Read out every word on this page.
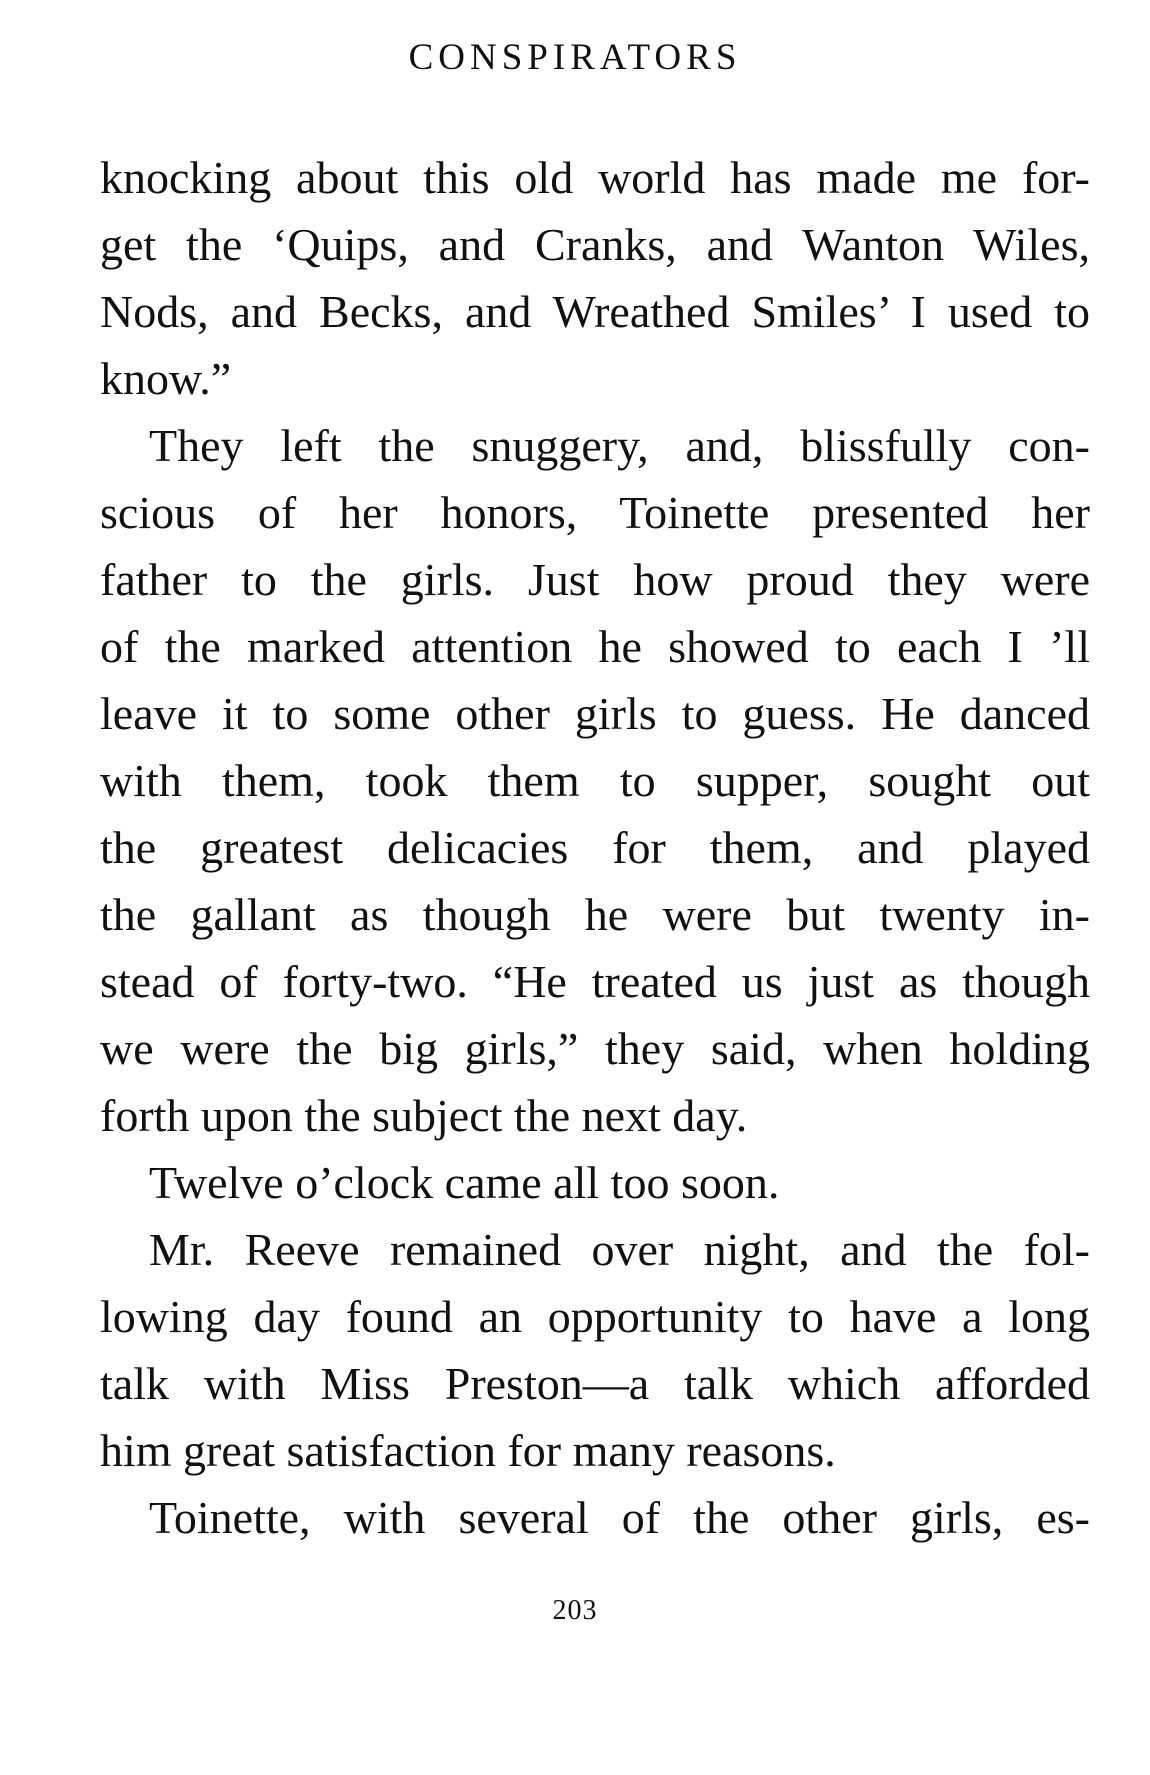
CONSPIRATORS
knocking about this old world has made me for-
get the ‘Quips, and Cranks, and Wanton Wiles,
Nods, and Becks, and Wreathed Smiles’ I used to
know.”
They left the snuggery, and, blissfully con-
scious of her honors, Toinette presented her
father to the girls. Just how proud they were
of the marked attention he showed to each I ’ll
leave it to some other girls to guess. He danced
with them, took them to supper, sought out
the greatest delicacies for them, and played
the gallant as though he were but twenty in-
stead of forty-two. “He treated us just as though
we were the big girls,” they said, when holding
forth upon the subject the next day.
Twelve o’clock came all too soon.
Mr. Reeve remained over night, and the fol-
lowing day found an opportunity to have a long
talk with Miss Preston—a talk which afforded
him great satisfaction for many reasons.
Toinette, with several of the other girls, es-
203
